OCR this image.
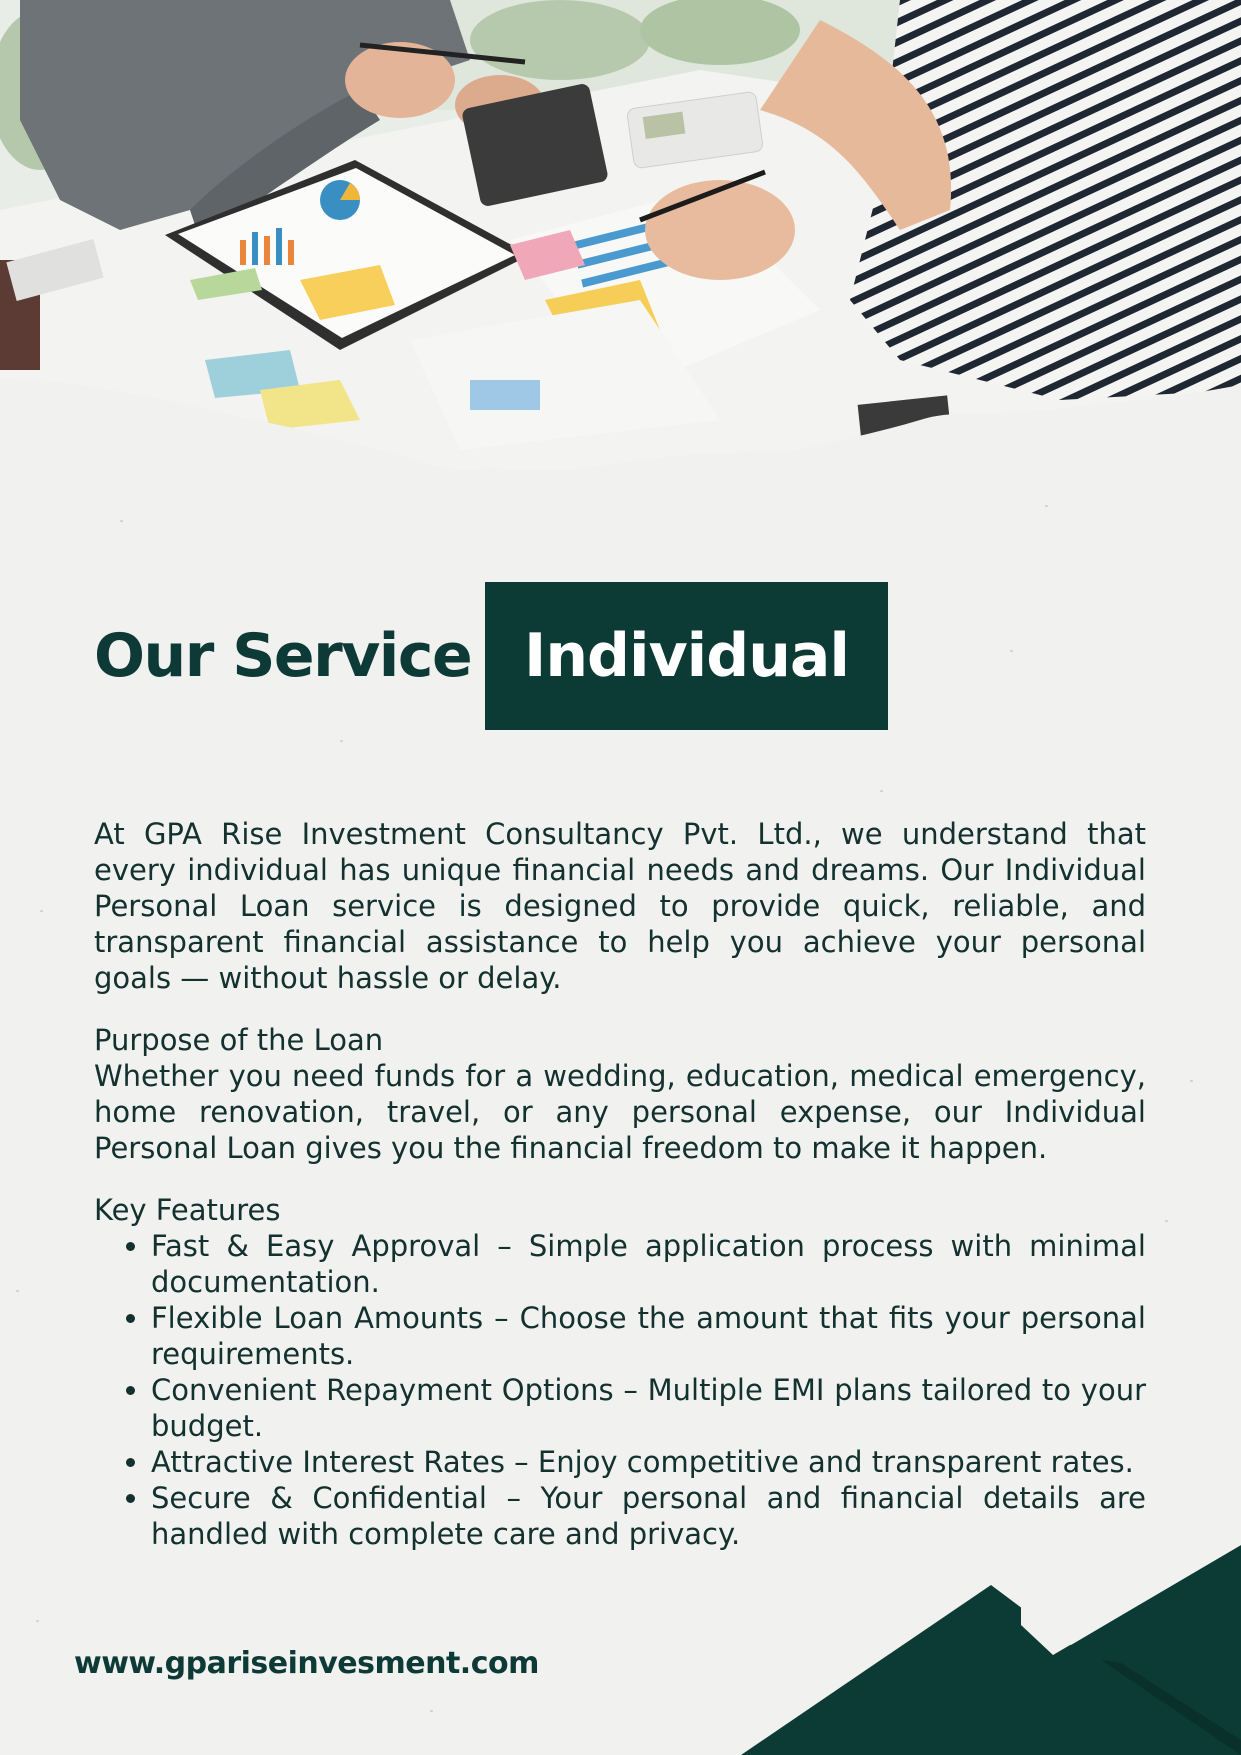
Our Service Individual

At GPA Rise Investment Consultancy Pvt. Ltd., we understand that every individual has unique financial needs and dreams. Our Individual Personal Loan service is designed to provide quick, reliable, and transparent financial assistance to help you achieve your personal goals — without hassle or delay.

Purpose of the Loan

Whether you need funds for a wedding, education, medical emergency, home renovation, travel, or any personal expense, our Individual Personal Loan gives you the financial freedom to make it happen.

Key Features

• Fast & Easy Approval – Simple application process with minimal documentation.
• Flexible Loan Amounts – Choose the amount that fits your personal requirements.
• Convenient Repayment Options – Multiple EMI plans tailored to your budget.
• Attractive Interest Rates – Enjoy competitive and transparent rates.
• Secure & Confidential – Your personal and financial details are handled with complete care and privacy.
www.gpariseinvesment.com
